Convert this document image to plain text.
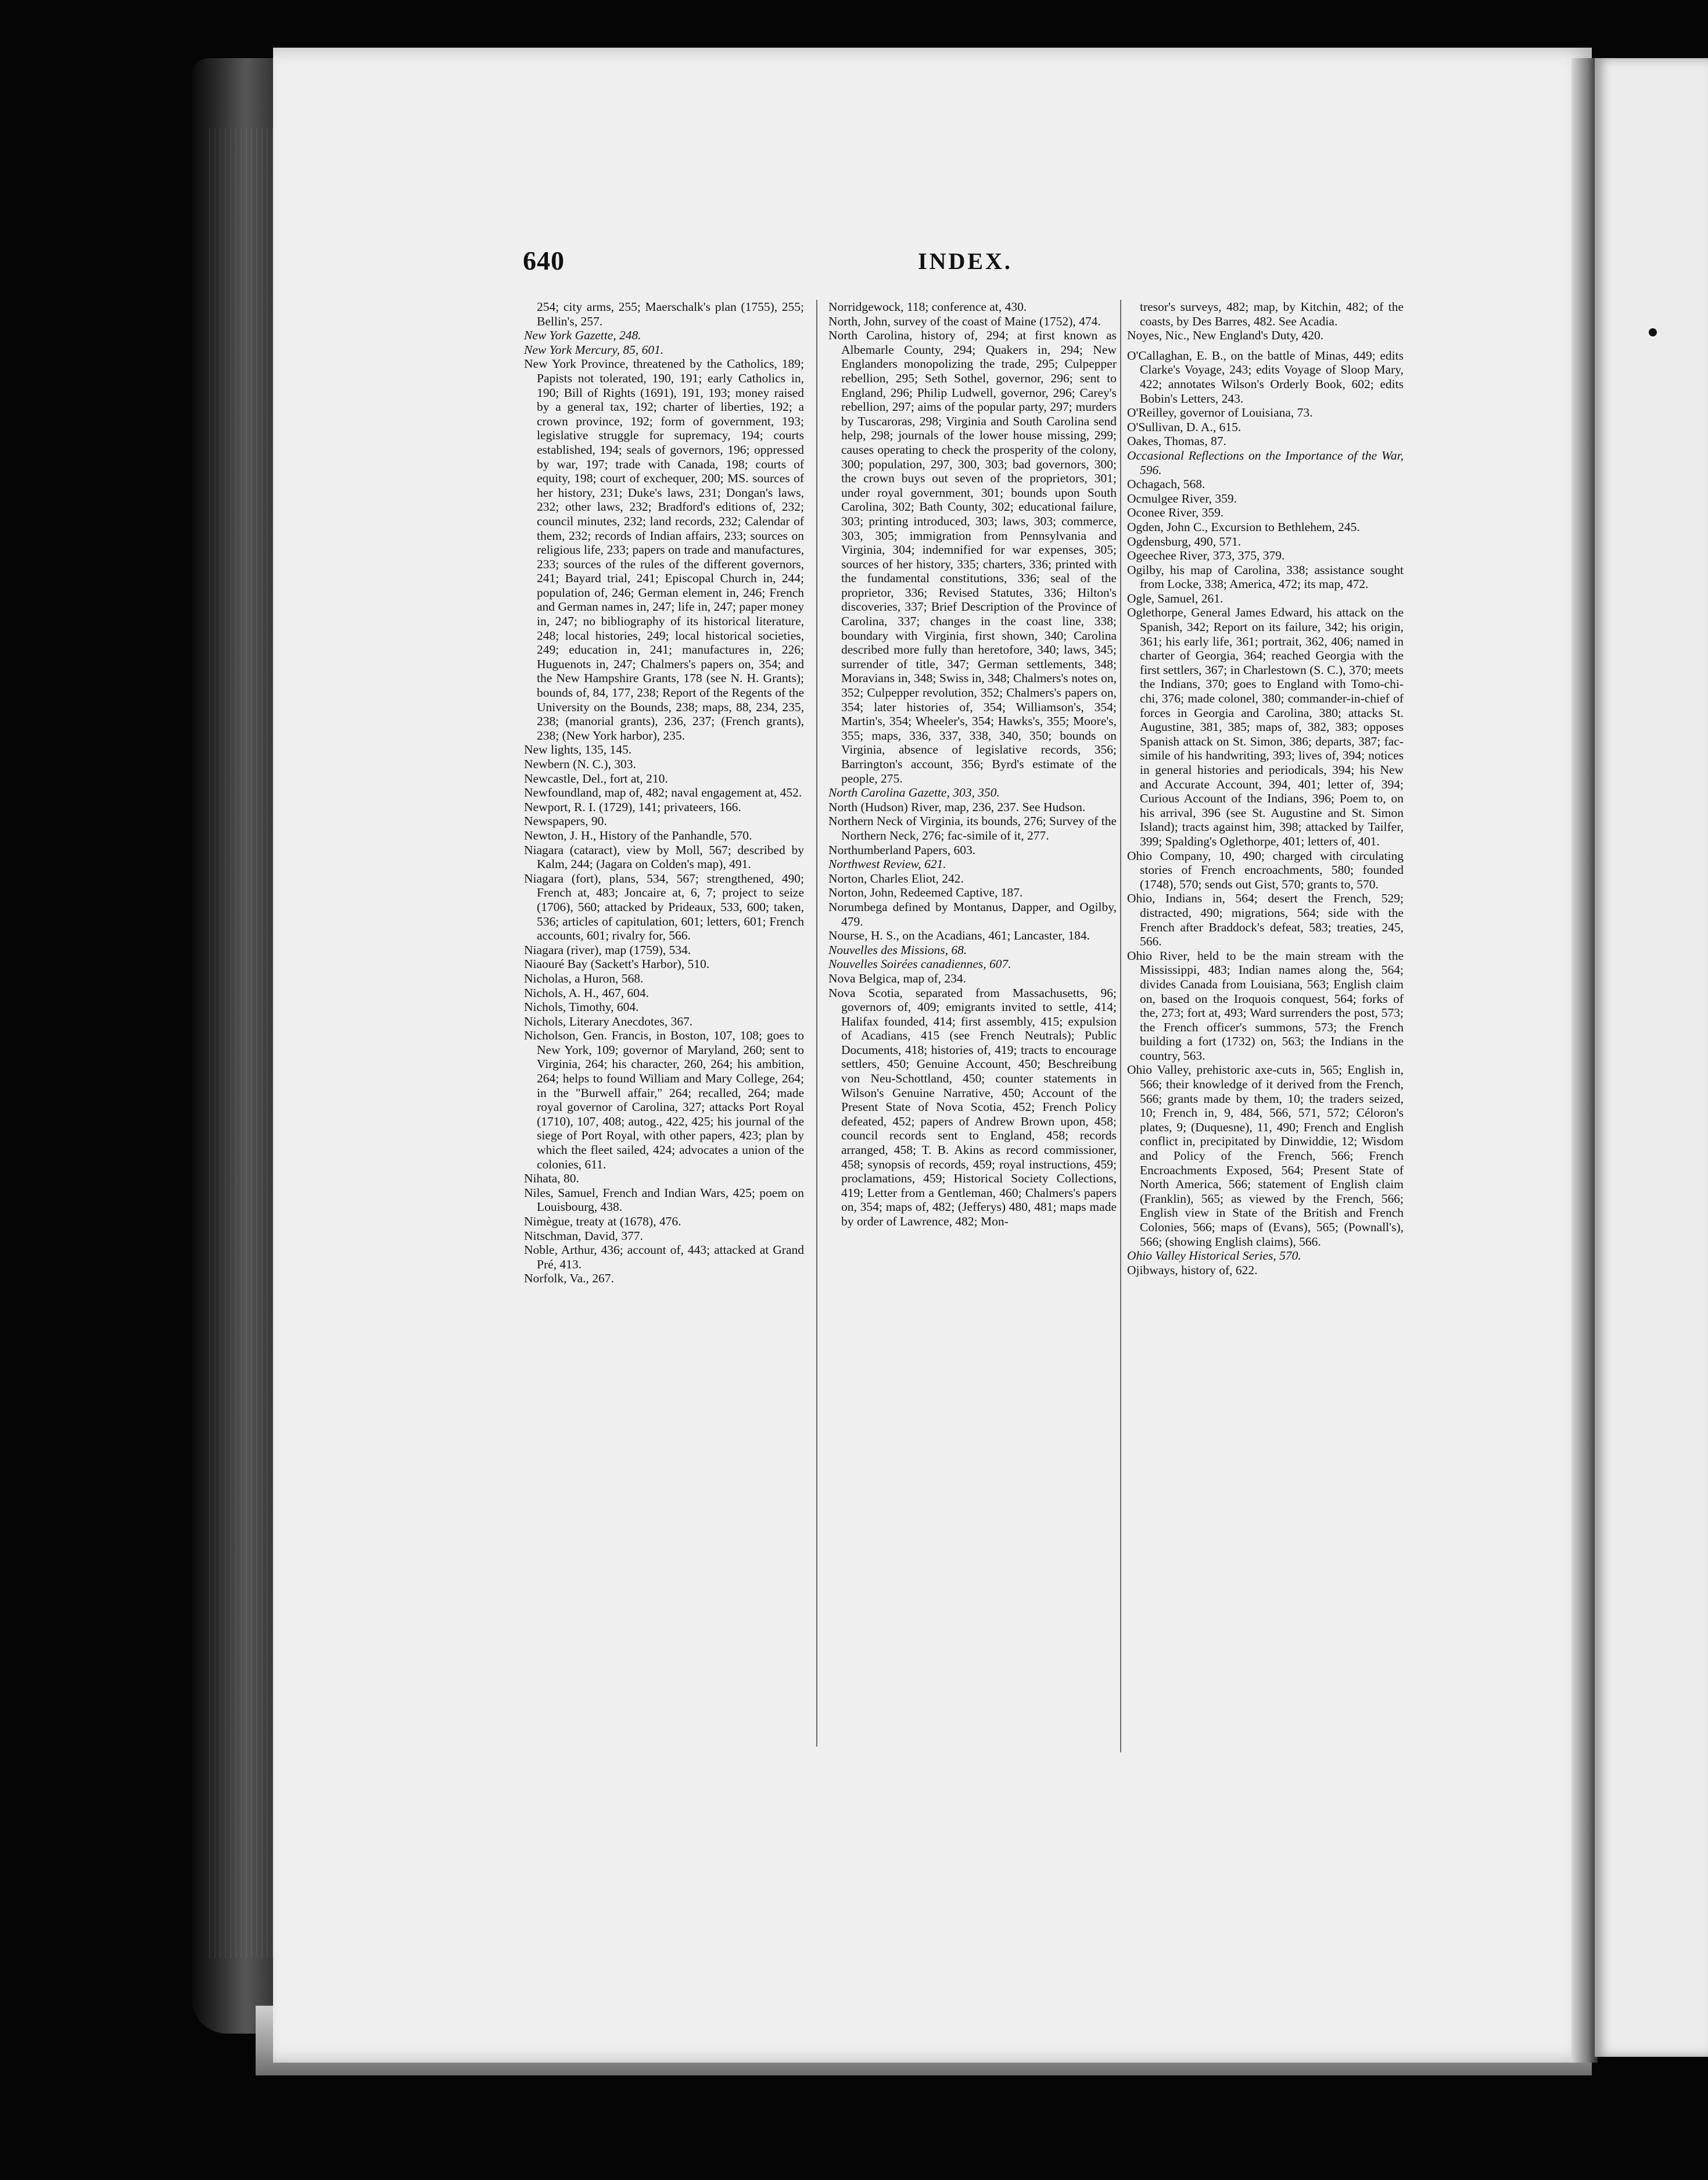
640	INDEX.

254; city arms, 255; Maerschalk's plan (1755), 255; Bellin's, 257.

New York Gazette, 248.

New York Mercury, 85, 601.

New York Province, threatened by the Catholics, 189; Papists not tolerated, 190, 191; early Catholics in, 190; Bill of Rights (1691), 191, 193; money raised by a general tax, 192; charter of liberties, 192; a crown province, 192; form of government, 193; legislative struggle for supremacy, 194; courts established, 194; seals of governors, 196; oppressed by war, 197; trade with Canada, 198; courts of equity, 198; court of exchequer, 200; MS. sources of her history, 231; Duke's laws, 231; Dongan's laws, 232; other laws, 232; Bradford's editions of, 232; council minutes, 232; land records, 232; Calendar of them, 232; records of Indian affairs, 233; sources on religious life, 233; papers on trade and manufactures, 233; sources of the rules of the different governors, 241; Bayard trial, 241; Episcopal Church in, 244; population of, 246; German element in, 246; French and German names in, 247; life in, 247; paper money in, 247; no bibliography of its historical literature, 248; local histories, 249; local historical societies, 249; education in, 241; manufactures in, 226; Huguenots in, 247; Chalmers's papers on, 354; and the New Hampshire Grants, 178 (see N. H. Grants); bounds of, 84, 177, 238; Report of the Regents of the University on the Bounds, 238; maps, 88, 234, 235, 238; (manorial grants), 236, 237; (French grants), 238; (New York harbor), 235.

New lights, 135, 145.

Newbern (N. C.), 303.

Newcastle, Del., fort at, 210.

Newfoundland, map of, 482; naval engagement at, 452.

Newport, R. I. (1729), 141; privateers, 166.

Newspapers, 90.

Newton, J. H., History of the Panhandle, 570.

Niagara (cataract), view by Moll, 567; described by Kalm, 244; (Jagara on Colden's map), 491.

Niagara (fort), plans, 534, 567; strengthened, 490; French at, 483; Joncaire at, 6, 7; project to seize (1706), 560; attacked by Prideaux, 533, 600; taken, 536; articles of capitulation, 601; letters, 601; French accounts, 601; rivalry for, 566.

Niagara (river), map (1759), 534.

Niaouré Bay (Sackett's Harbor), 510.

Nicholas, a Huron, 568.

Nichols, A. H., 467, 604.

Nichols, Timothy, 604.

Nichols, Literary Anecdotes, 367.

Nicholson, Gen. Francis, in Boston, 107, 108; goes to New York, 109; governor of Maryland, 260; sent to Virginia, 264; his character, 260, 264; his ambition, 264; helps to found William and Mary College, 264; in the "Burwell affair," 264; recalled, 264; made royal governor of Carolina, 327; attacks Port Royal (1710), 107, 408; autog., 422, 425; his journal of the siege of Port Royal, with other papers, 423; plan by which the fleet sailed, 424; advocates a union of the colonies, 611.

Nihata, 80.

Niles, Samuel, French and Indian Wars, 425; poem on Louisbourg, 438.

Nimègue, treaty at (1678), 476.

Nitschman, David, 377.

Noble, Arthur, 436; account of, 443; attacked at Grand Pré, 413.

Norfolk, Va., 267.

Norridgewock, 118; conference at, 430.

North, John, survey of the coast of Maine (1752), 474.

North Carolina, history of, 294; at first known as Albemarle County, 294; Quakers in, 294; New Englanders monopolizing the trade, 295; Culpepper rebellion, 295; Seth Sothel, governor, 296; sent to England, 296; Philip Ludwell, governor, 296; Carey's rebellion, 297; aims of the popular party, 297; murders by Tuscaroras, 298; Virginia and South Carolina send help, 298; journals of the lower house missing, 299; causes operating to check the prosperity of the colony, 300; population, 297, 300, 303; bad governors, 300; the crown buys out seven of the proprietors, 301; under royal government, 301; bounds upon South Carolina, 302; Bath County, 302; educational failure, 303; printing introduced, 303; laws, 303; commerce, 303, 305; immigration from Pennsylvania and Virginia, 304; indemnified for war expenses, 305; sources of her history, 335; charters, 336; printed with the fundamental constitutions, 336; seal of the proprietor, 336; Revised Statutes, 336; Hilton's discoveries, 337; Brief Description of the Province of Carolina, 337; changes in the coast line, 338; boundary with Virginia, first shown, 340; Carolina described more fully than heretofore, 340; laws, 345; surrender of title, 347; German settlements, 348; Moravians in, 348; Swiss in, 348; Chalmers's notes on, 352; Culpepper revolution, 352; Chalmers's papers on, 354; later histories of, 354; Williamson's, 354; Martin's, 354; Wheeler's, 354; Hawks's, 355; Moore's, 355; maps, 336, 337, 338, 340, 350; bounds on Virginia, absence of legislative records, 356; Barrington's account, 356; Byrd's estimate of the people, 275.

North Carolina Gazette, 303, 350.

North (Hudson) River, map, 236, 237. See Hudson.

Northern Neck of Virginia, its bounds, 276; Survey of the Northern Neck, 276; fac-simile of it, 277.

Northumberland Papers, 603.

Northwest Review, 621.

Norton, Charles Eliot, 242.

Norton, John, Redeemed Captive, 187.

Norumbega defined by Montanus, Dapper, and Ogilby, 479.

Nourse, H. S., on the Acadians, 461; Lancaster, 184.

Nouvelles des Missions, 68.

Nouvelles Soirées canadiennes, 607.

Nova Belgica, map of, 234.

Nova Scotia, separated from Massachusetts, 96; governors of, 409; emigrants invited to settle, 414; Halifax founded, 414; first assembly, 415; expulsion of Acadians, 415 (see French Neutrals); Public Documents, 418; histories of, 419; tracts to encourage settlers, 450; Genuine Account, 450; Beschreibung von Neu-Schottland, 450; counter statements in Wilson's Genuine Narrative, 450; Account of the Present State of Nova Scotia, 452; French Policy defeated, 452; papers of Andrew Brown upon, 458; council records sent to England, 458; records arranged, 458; T. B. Akins as record commissioner, 458; synopsis of records, 459; royal instructions, 459; proclamations, 459; Historical Society Collections, 419; Letter from a Gentleman, 460; Chalmers's papers on, 354; maps of, 482; (Jefferys) 480, 481; maps made by order of Lawrence, 482; Mon-

tresor's surveys, 482; map, by Kitchin, 482; of the coasts, by Des Barres, 482. See Acadia.

Noyes, Nic., New England's Duty, 420.

O'Callaghan, E. B., on the battle of Minas, 449; edits Clarke's Voyage, 243; edits Voyage of Sloop Mary, 422; annotates Wilson's Orderly Book, 602; edits Bobin's Letters, 243.

O'Reilley, governor of Louisiana, 73.

O'Sullivan, D. A., 615.

Oakes, Thomas, 87.

Occasional Reflections on the Importance of the War, 596.

Ochagach, 568.

Ocmulgee River, 359.

Oconee River, 359.

Ogden, John C., Excursion to Bethlehem, 245.

Ogdensburg, 490, 571.

Ogeechee River, 373, 375, 379.

Ogilby, his map of Carolina, 338; assistance sought from Locke, 338; America, 472; its map, 472.

Ogle, Samuel, 261.

Oglethorpe, General James Edward, his attack on the Spanish, 342; Report on its failure, 342; his origin, 361; his early life, 361; portrait, 362, 406; named in charter of Georgia, 364; reached Georgia with the first settlers, 367; in Charlestown (S. C.), 370; meets the Indians, 370; goes to England with Tomo-chi-chi, 376; made colonel, 380; commander-in-chief of forces in Georgia and Carolina, 380; attacks St. Augustine, 381, 385; maps of, 382, 383; opposes Spanish attack on St. Simon, 386; departs, 387; fac-simile of his handwriting, 393; lives of, 394; notices in general histories and periodicals, 394; his New and Accurate Account, 394, 401; letter of, 394; Curious Account of the Indians, 396; Poem to, on his arrival, 396 (see St. Augustine and St. Simon Island); tracts against him, 398; attacked by Tailfer, 399; Spalding's Oglethorpe, 401; letters of, 401.

Ohio Company, 10, 490; charged with circulating stories of French encroachments, 580; founded (1748), 570; sends out Gist, 570; grants to, 570.

Ohio, Indians in, 564; desert the French, 529; distracted, 490; migrations, 564; side with the French after Braddock's defeat, 583; treaties, 245, 566.

Ohio River, held to be the main stream with the Mississippi, 483; Indian names along the, 564; divides Canada from Louisiana, 563; English claim on, based on the Iroquois conquest, 564; forks of the, 273; fort at, 493; Ward surrenders the post, 573; the French officer's summons, 573; the French building a fort (1732) on, 563; the Indians in the country, 563.

Ohio Valley, prehistoric axe-cuts in, 565; English in, 566; their knowledge of it derived from the French, 566; grants made by them, 10; the traders seized, 10; French in, 9, 484, 566, 571, 572; Céloron's plates, 9; (Duquesne), 11, 490; French and English conflict in, precipitated by Dinwiddie, 12; Wisdom and Policy of the French, 566; French Encroachments Exposed, 564; Present State of North America, 566; statement of English claim (Franklin), 565; as viewed by the French, 566; English view in State of the British and French Colonies, 566; maps of (Evans), 565; (Pownall's), 566; (showing English claims), 566.

Ohio Valley Historical Series, 570.

Ojibways, history of, 622.
